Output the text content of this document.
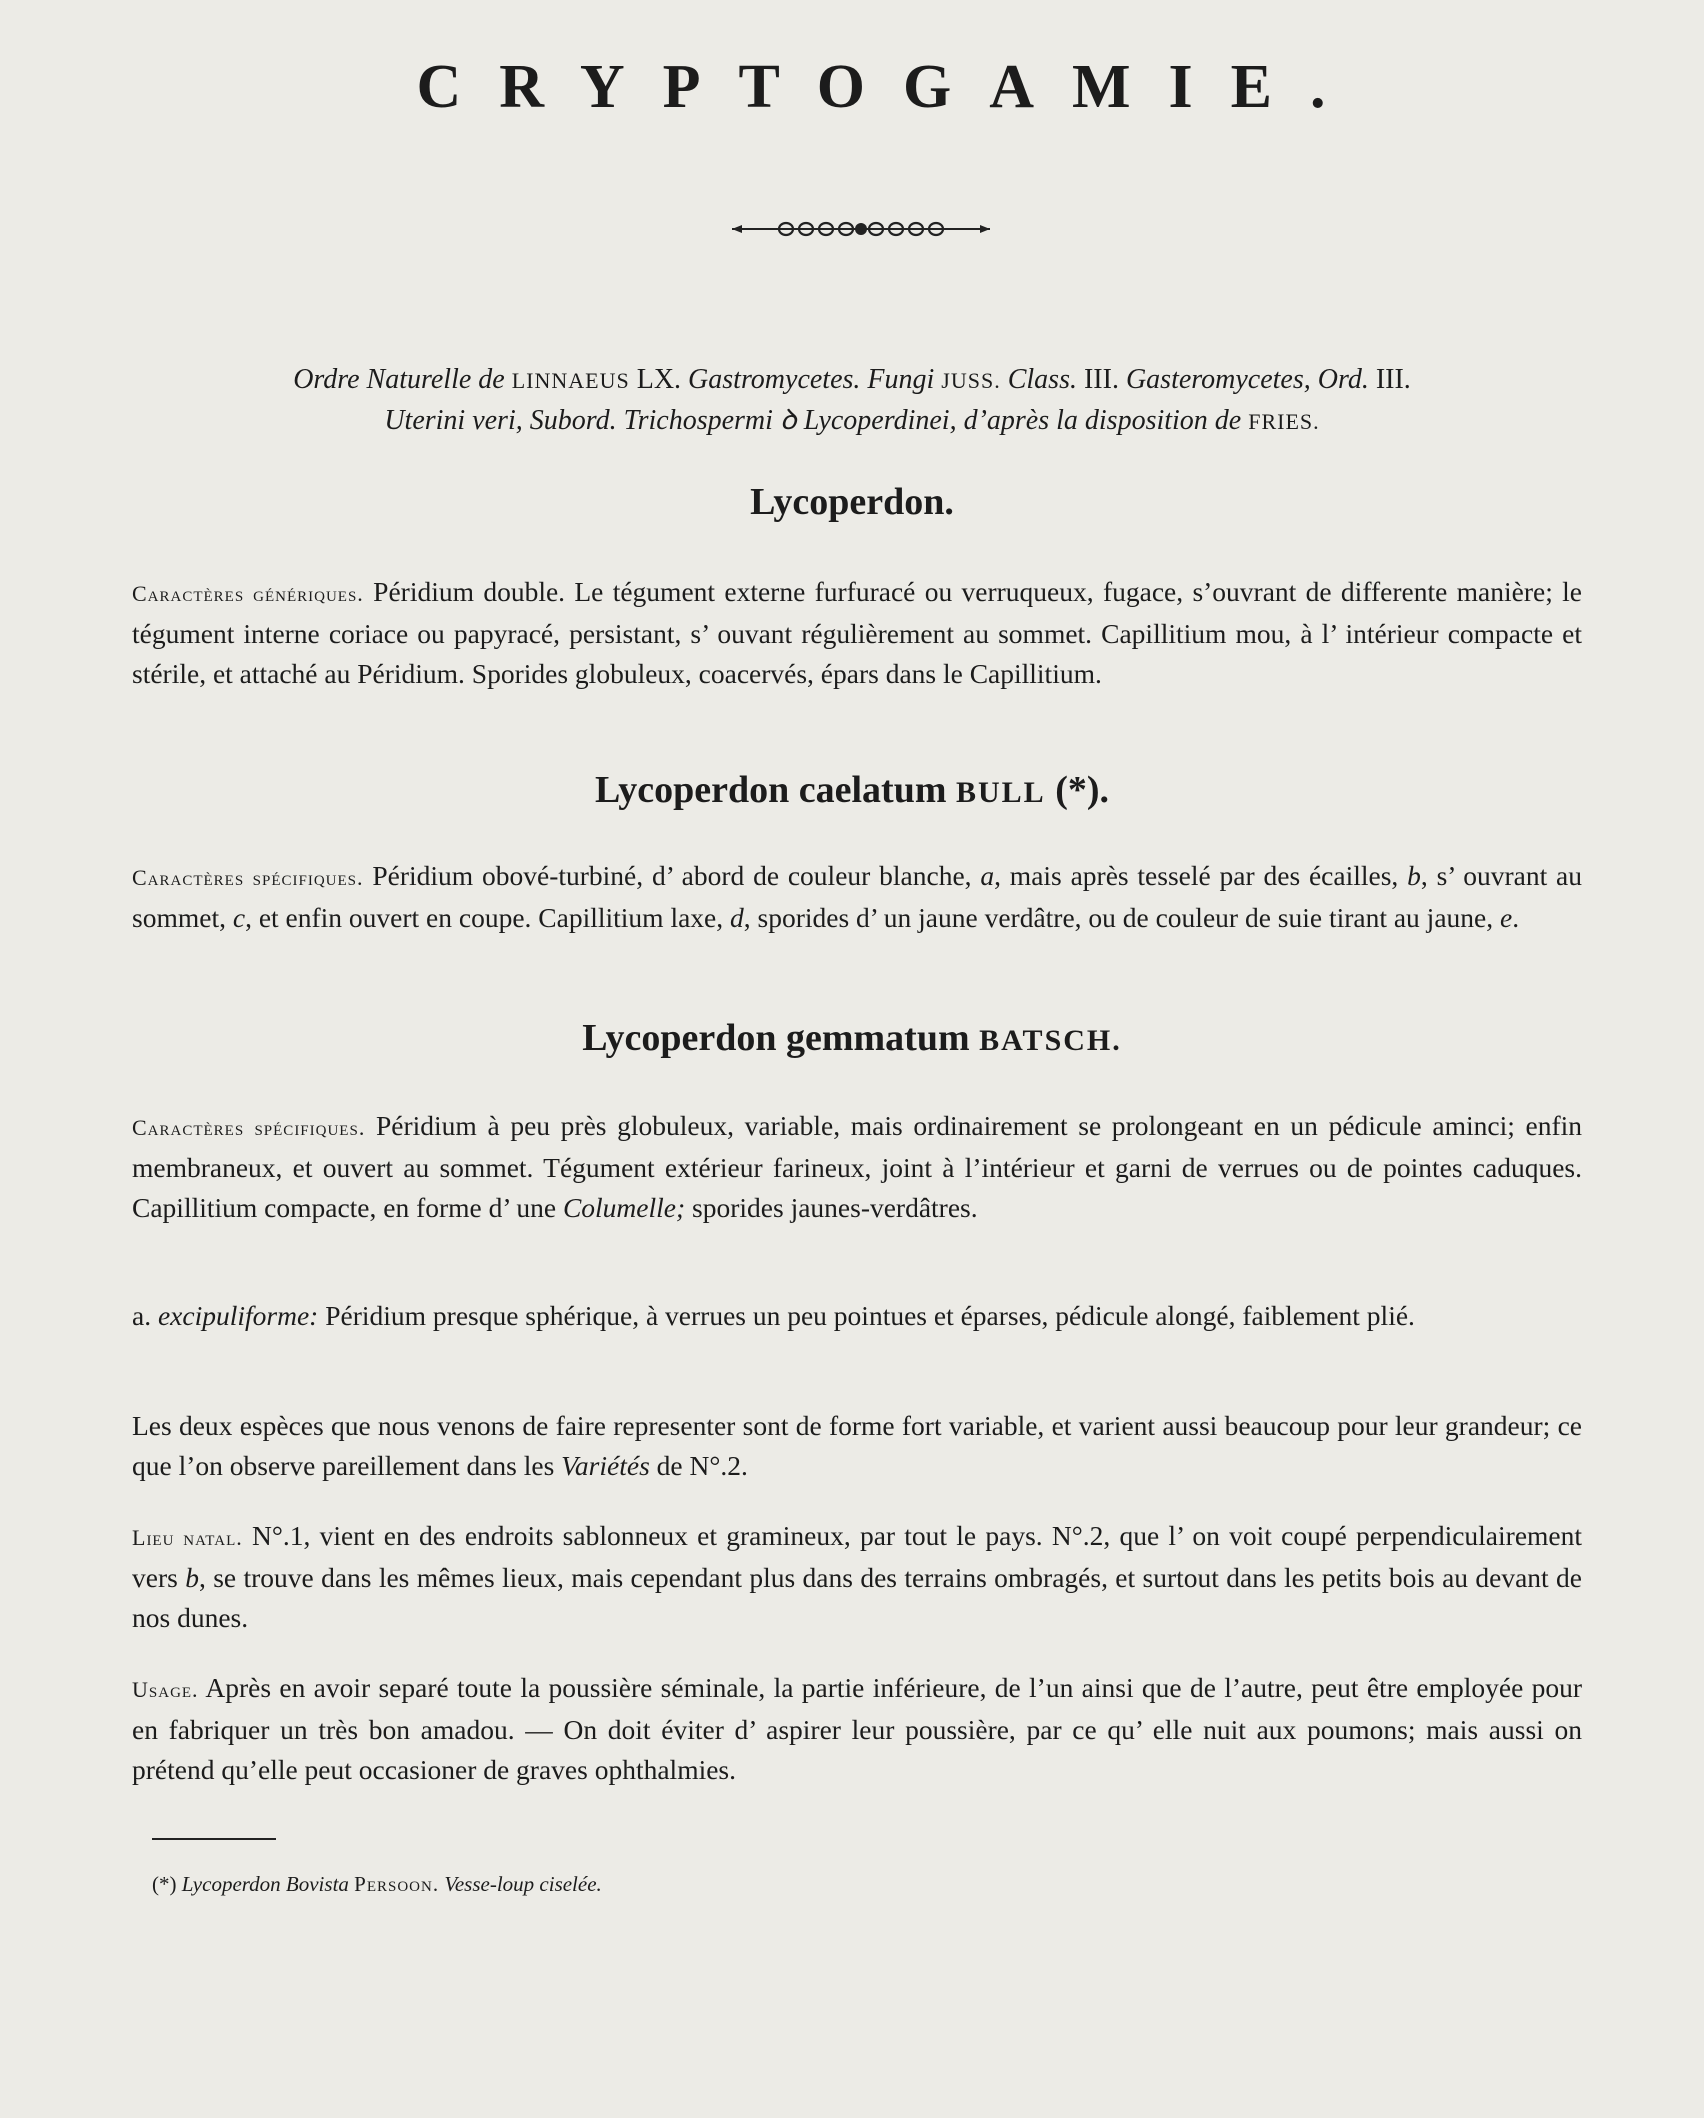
CRYPTOGAMIE.
Ordre Naturelle de LINNAEUS LX. Gastromycetes. Fungi JUSS. Class. III. Gasteromycetes, Ord. III.
Uterini veri, Subord. Trichospermi ꝺ Lycoperdinei, d’après la disposition de FRIES.
Lycoperdon.
Caractères génériques. Péridium double. Le tégument externe furfuracé ou verruqueux, fugace, s’ouvrant de differente manière; le tégument interne coriace ou papyracé, persistant, s’ ouvant régulièrement au sommet. Capillitium mou, à l’ intérieur compacte et stérile, et attaché au Péridium. Sporides globuleux, coacervés, épars dans le Capillitium.
Lycoperdon caelatum BULL (*).
Caractères spécifiques. Péridium obové-turbiné, d’ abord de couleur blanche, a, mais après tesselé par des écailles, b, s’ ouvrant au sommet, c, et enfin ouvert en coupe. Capillitium laxe, d, sporides d’ un jaune verdâtre, ou de couleur de suie tirant au jaune, e.
Lycoperdon gemmatum BATSCH.
Caractères spécifiques. Péridium à peu près globuleux, variable, mais ordinairement se prolongeant en un pédicule aminci; enfin membraneux, et ouvert au sommet. Tégument extérieur farineux, joint à l’intérieur et garni de verrues ou de pointes caduques. Capillitium compacte, en forme d’ une Columelle; sporides jaunes-verdâtres.
a. excipuliforme: Péridium presque sphérique, à verrues un peu pointues et éparses, pédicule alongé, faiblement plié.
Les deux espèces que nous venons de faire representer sont de forme fort variable, et varient aussi beaucoup pour leur grandeur; ce que l’on observe pareillement dans les Variétés de N°.2.
Lieu natal. N°.1, vient en des endroits sablonneux et gramineux, par tout le pays. N°.2, que l’ on voit coupé perpendiculairement vers b, se trouve dans les mêmes lieux, mais cependant plus dans des terrains ombragés, et surtout dans les petits bois au devant de nos dunes.
Usage. Après en avoir separé toute la poussière séminale, la partie inférieure, de l’un ainsi que de l’autre, peut être employée pour en fabriquer un très bon amadou. — On doit éviter d’ aspirer leur poussière, par ce qu’ elle nuit aux poumons; mais aussi on prétend qu’elle peut occasioner de graves ophthalmies.
(*) Lycoperdon Bovista Persoon. Vesse-loup ciselée.
